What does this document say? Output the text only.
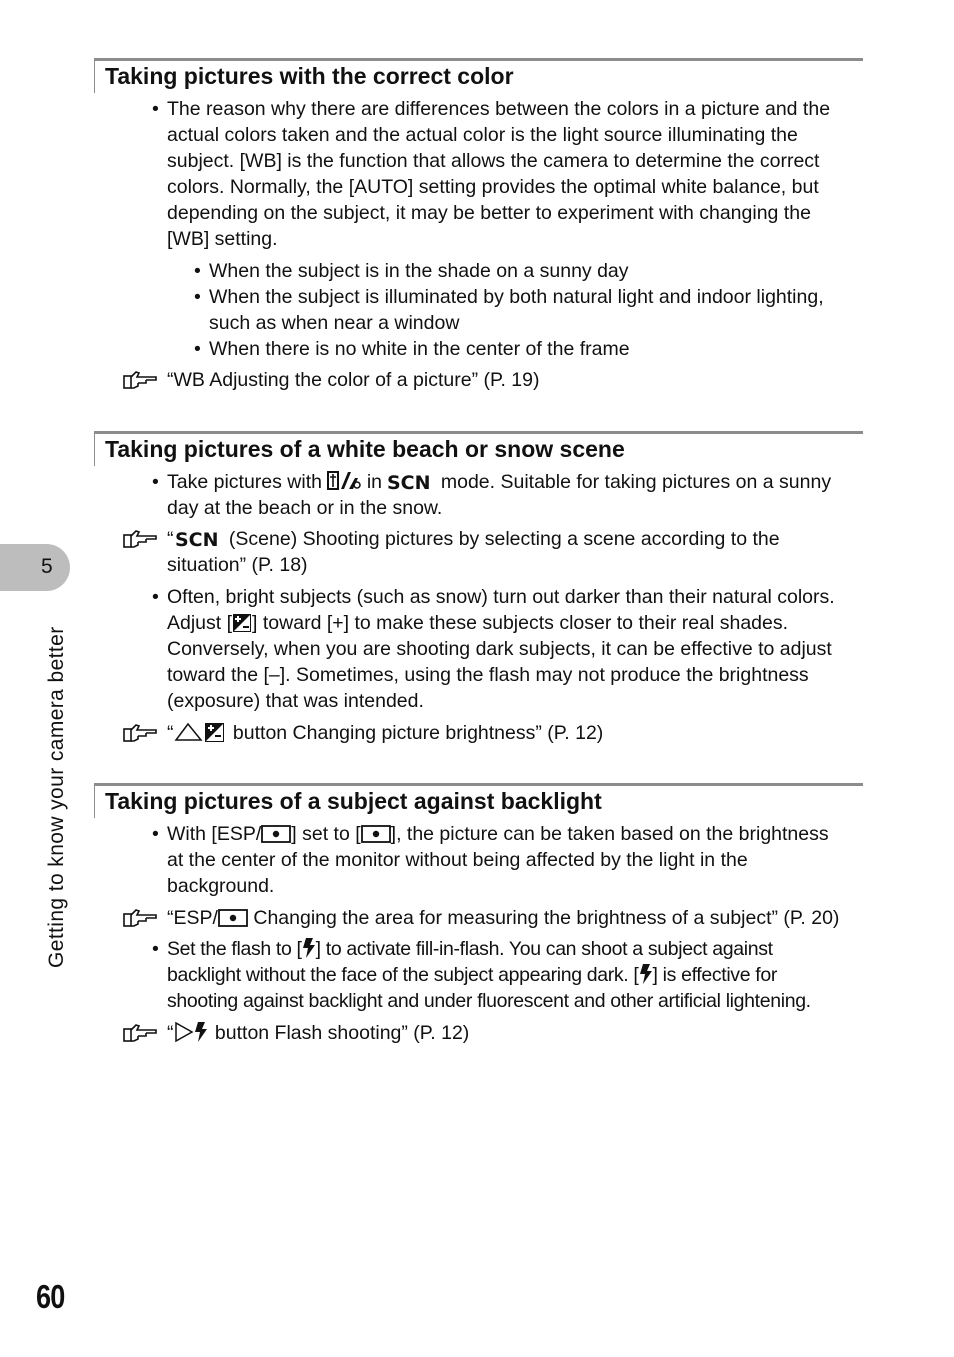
5
Getting to know your camera better
Taking pictures with the correct color
• The reason why there are differences between the colors in a picture and the
actual colors taken and the actual color is the light source illuminating the
subject. [WB] is the function that allows the camera to determine the correct
colors. Normally, the [AUTO] setting provides the optimal white balance, but
depending on the subject, it may be better to experiment with changing the
[WB] setting.
• When the subject is in the shade on a sunny day
• When the subject is illuminated by both natural light and indoor lighting,
such as when near a window
• When there is no white in the center of the frame
“WB Adjusting the color of a picture” (P. 19)
Taking pictures of a white beach or snow scene
• Take pictures with in SCN mode. Suitable for taking pictures on a sunny
day at the beach or in the snow.
“ SCN (Scene) Shooting pictures by selecting a scene according to the
situation” (P. 18)
• Often, bright subjects (such as snow) turn out darker than their natural colors.
Adjust [ ] toward [+] to make these subjects closer to their real shades.
Conversely, when you are shooting dark subjects, it can be effective to adjust
toward the [–]. Sometimes, using the flash may not produce the brightness
(exposure) that was intended.
“	button Changing picture brightness” (P. 12)
Taking pictures of a subject against backlight
• With [ESP/ ] set to [ ], the picture can be taken based on the brightness
at the center of the monitor without being affected by the light in the
background.
“ESP/ Changing the area for measuring the brightness of a subject” (P. 20)
• Set the flash to [ ] to activate fill-in-flash. You can shoot a subject against
backlight without the face of the subject appearing dark. [ ] is effective for
shooting against backlight and under fluorescent and other artificial lightening.
“ button Flash shooting” (P. 12)
60
